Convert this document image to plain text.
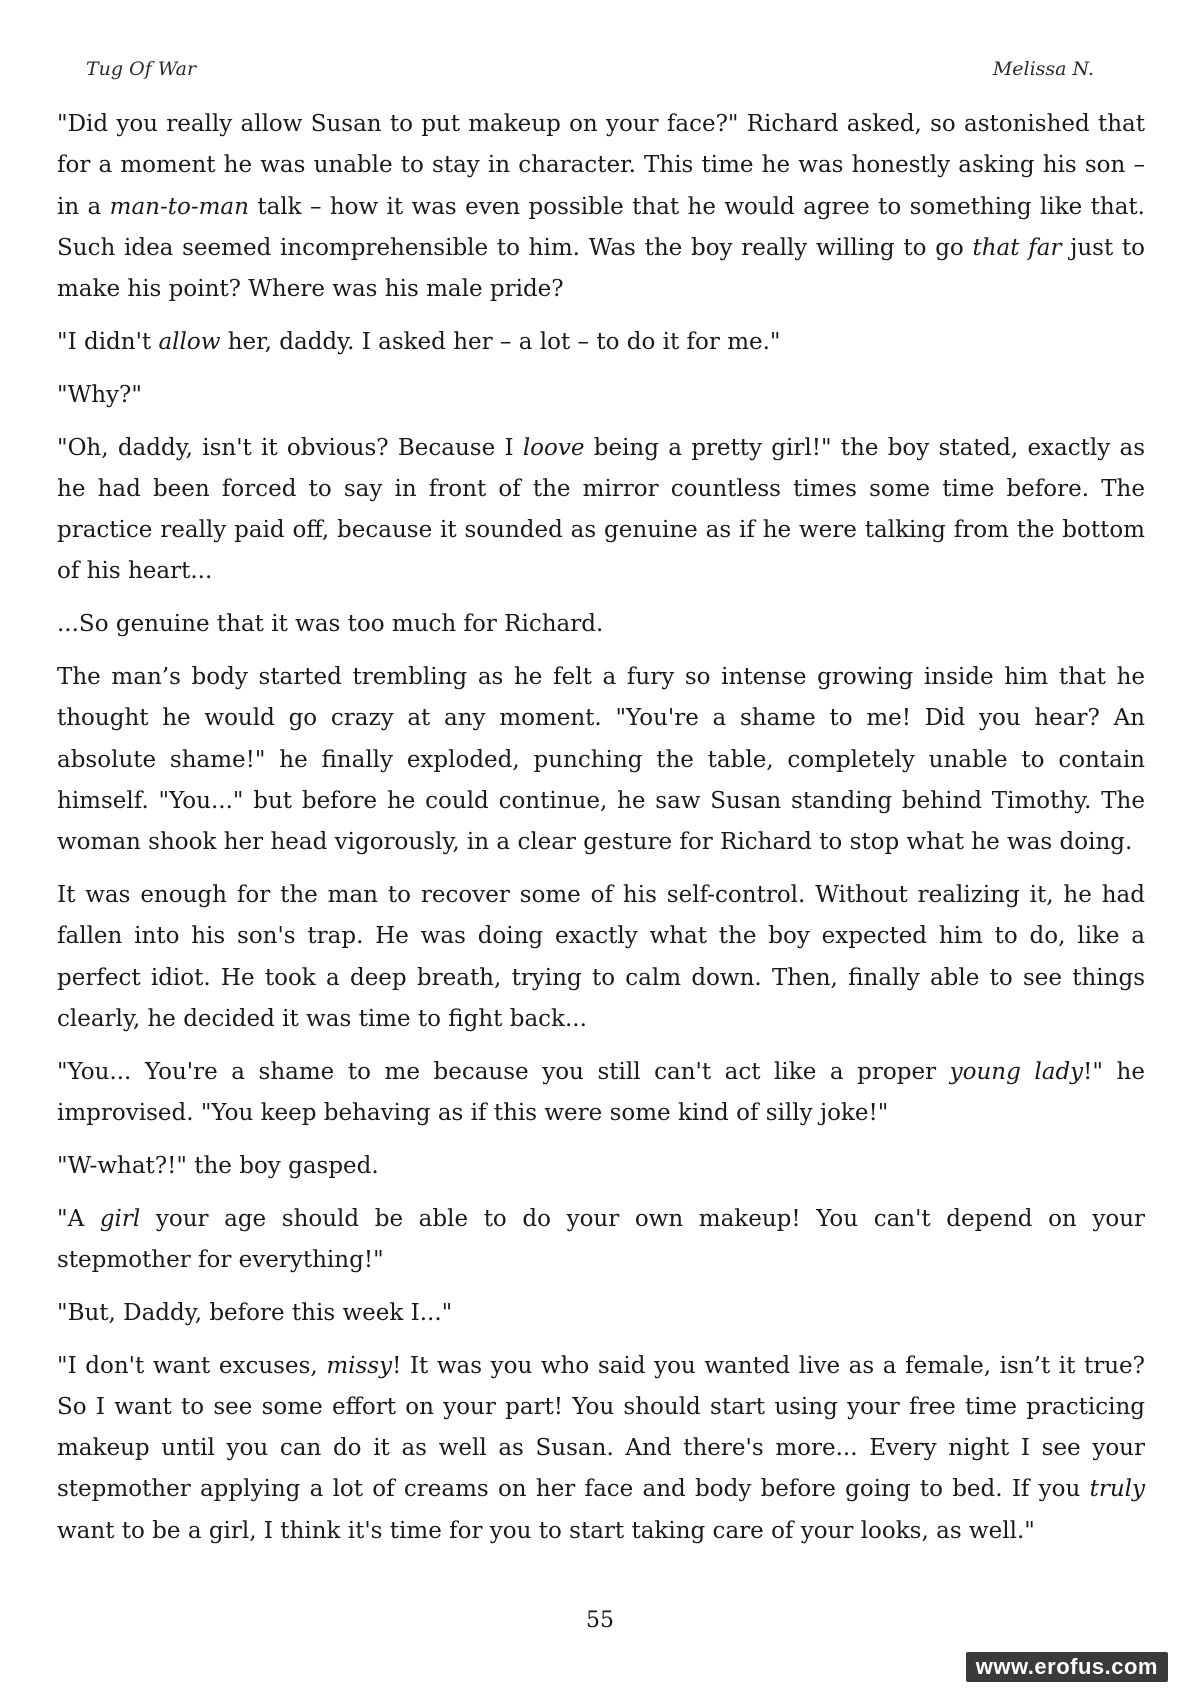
Tug Of War	Melissa N.

"Did you really allow Susan to put makeup on your face?" Richard asked, so astonished that for a moment he was unable to stay in character. This time he was honestly asking his son – in a man-to-man talk – how it was even possible that he would agree to something like that. Such idea seemed incomprehensible to him. Was the boy really willing to go that far just to make his point? Where was his male pride?

"I didn't allow her, daddy. I asked her – a lot – to do it for me."

"Why?"

"Oh, daddy, isn't it obvious? Because I loove being a pretty girl!" the boy stated, exactly as he had been forced to say in front of the mirror countless times some time before. The practice really paid off, because it sounded as genuine as if he were talking from the bottom of his heart...

...So genuine that it was too much for Richard.

The man’s body started trembling as he felt a fury so intense growing inside him that he thought he would go crazy at any moment. "You're a shame to me! Did you hear? An absolute shame!" he finally exploded, punching the table, completely unable to contain himself. "You..." but before he could continue, he saw Susan standing behind Timothy. The woman shook her head vigorously, in a clear gesture for Richard to stop what he was doing.

It was enough for the man to recover some of his self-control. Without realizing it, he had fallen into his son's trap. He was doing exactly what the boy expected him to do, like a perfect idiot. He took a deep breath, trying to calm down. Then, finally able to see things clearly, he decided it was time to fight back...

"You... You're a shame to me because you still can't act like a proper young lady!" he improvised. "You keep behaving as if this were some kind of silly joke!"

"W-what?!" the boy gasped.

"A girl your age should be able to do your own makeup! You can't depend on your stepmother for everything!"

"But, Daddy, before this week I..."

"I don't want excuses, missy! It was you who said you wanted live as a female, isn’t it true? So I want to see some effort on your part! You should start using your free time practicing makeup until you can do it as well as Susan. And there's more... Every night I see your stepmother applying a lot of creams on her face and body before going to bed. If you truly want to be a girl, I think it's time for you to start taking care of your looks, as well."

55
www.erofus.com
